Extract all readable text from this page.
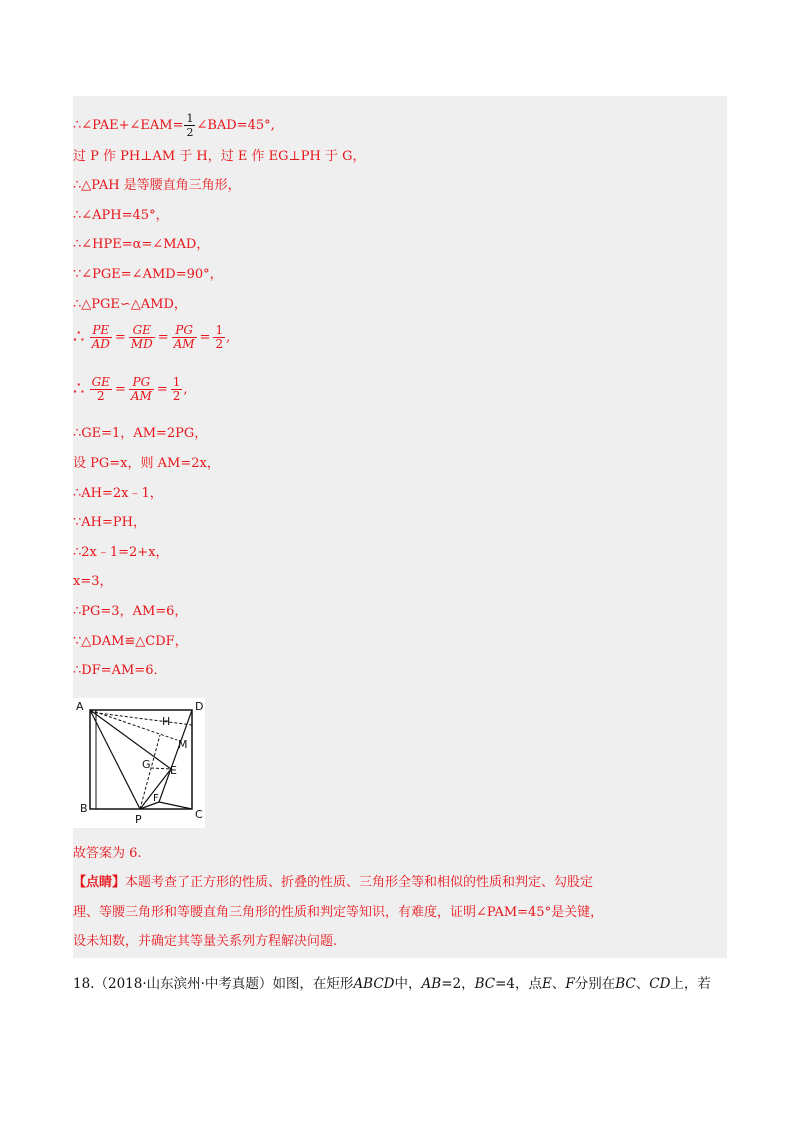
∴∠PAE+∠EAM= $\frac{1}{2}$ ∠BAD=45°,
过 P 作 PH⊥AM 于 H，过 E 作 EG⊥PH 于 G，
∴△PAH 是等腰直角三角形，
∴∠APH=45°，
∴∠HPE=α=∠MAD，
∵∠PGE=∠AMD=90°，
∴△PGE∽△AMD，
∴ $\frac{PE}{AD} = \frac{GE}{MD} = \frac{PG}{AM} = \frac{1}{2}$ ,
∴ $\frac{GE}{2} = \frac{PG}{AM} = \frac{1}{2}$ ,
∴GE=1，AM=2PG，
设 PG=x，则 AM=2x，
∴AH=2x﹣1，
∵AH=PH，
∴2x﹣1=2+x，
x=3，
∴PG=3，AM=6，
∵△DAM≌△CDF，
∴DF=AM=6．
A	D
H
M
G E
B	C
F
P
故答案为 6.
【点睛】本题考查了正方形的性质、折叠的性质、三角形全等和相似的性质和判定、勾股定
理、等腰三角形和等腰直角三角形的性质和判定等知识，有难度，证明∠PAM=45°是关键，
设未知数，并确定其等量关系列方程解决问题.
18.（2018·山东滨州·中考真题）如图，在矩形ABCD中，AB=2，BC=4，点E、F分别在BC、CD上，若
